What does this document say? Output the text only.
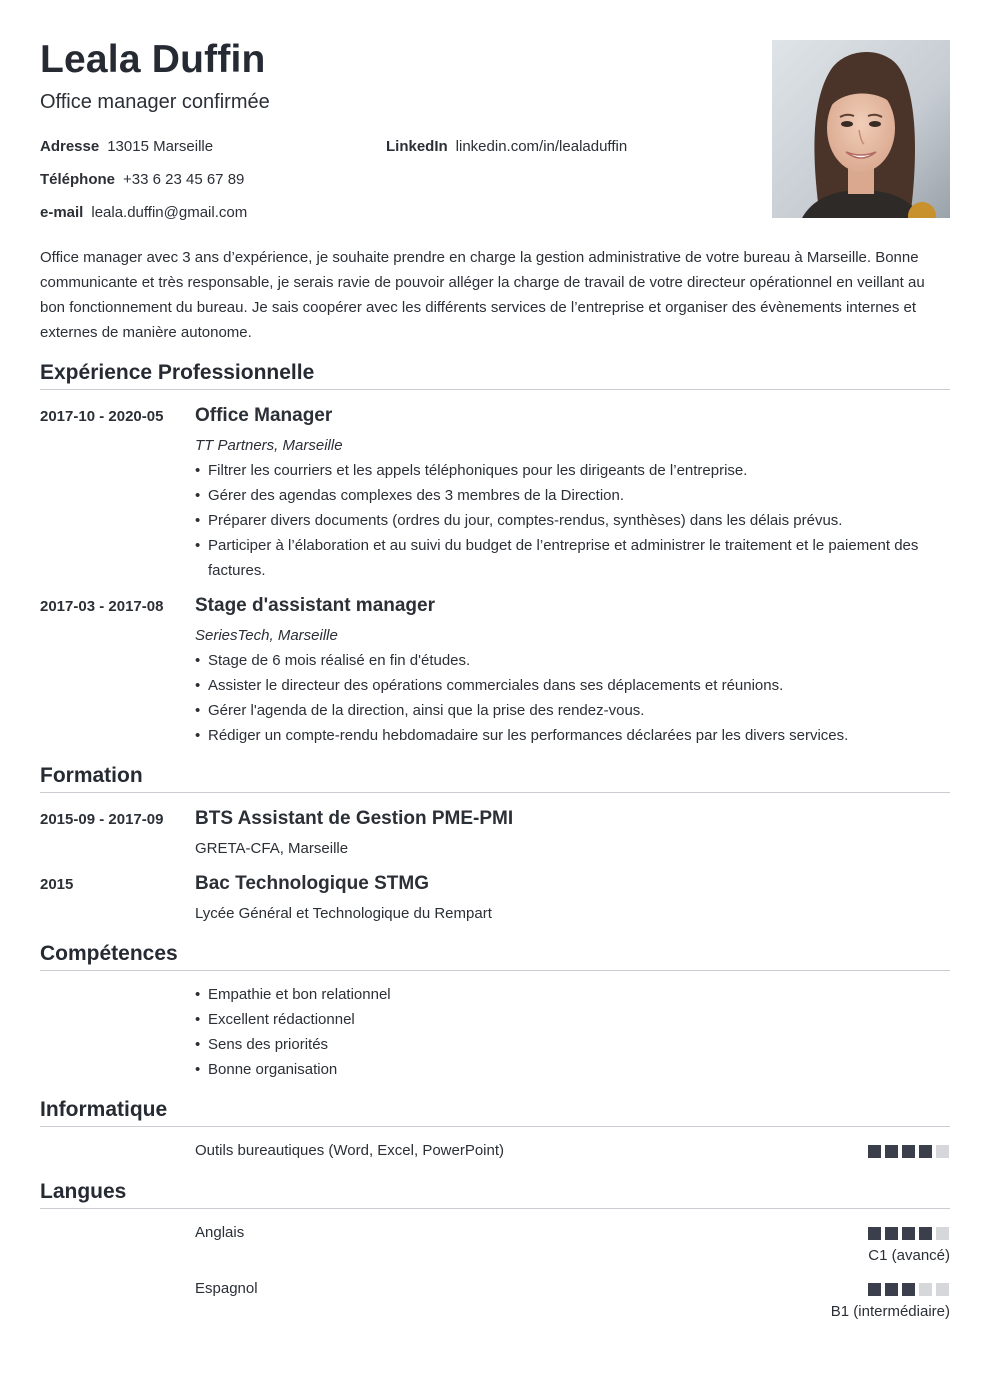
Leala Duffin
Office manager confirmée
Adresse 13015 Marseille	LinkedIn linkedin.com/in/lealaduffin
Téléphone +33 6 23 45 67 89
e-mail leala.duffin@gmail.com
Office manager avec 3 ans d’expérience, je souhaite prendre en charge la gestion administrative de votre bureau à Marseille. Bonne communicante et très responsable, je serais ravie de pouvoir alléger la charge de travail de votre directeur opérationnel en veillant au bon fonctionnement du bureau. Je sais coopérer avec les différents services de l’entreprise et organiser des évènements internes et externes de manière autonome.
Expérience Professionnelle
2017-10 - 2020-05 Office Manager
TT Partners, Marseille
• Filtrer les courriers et les appels téléphoniques pour les dirigeants de l’entreprise.
• Gérer des agendas complexes des 3 membres de la Direction.
• Préparer divers documents (ordres du jour, comptes-rendus, synthèses) dans les délais prévus.
• Participer à l’élaboration et au suivi du budget de l’entreprise et administrer le traitement et le paiement des factures.
2017-03 - 2017-08 Stage d'assistant manager
SeriesTech, Marseille
• Stage de 6 mois réalisé en fin d'études.
• Assister le directeur des opérations commerciales dans ses déplacements et réunions.
• Gérer l'agenda de la direction, ainsi que la prise des rendez-vous.
• Rédiger un compte-rendu hebdomadaire sur les performances déclarées par les divers services.
Formation
2015-09 - 2017-09 BTS Assistant de Gestion PME-PMI
GRETA-CFA, Marseille
2015	Bac Technologique STMG
Lycée Général et Technologique du Rempart
Compétences
• Empathie et bon relationnel
• Excellent rédactionnel
• Sens des priorités
• Bonne organisation
Informatique
Outils bureautiques (Word, Excel, PowerPoint)
Langues
Anglais
C1 (avancé)
Espagnol
B1 (intermédiaire)
